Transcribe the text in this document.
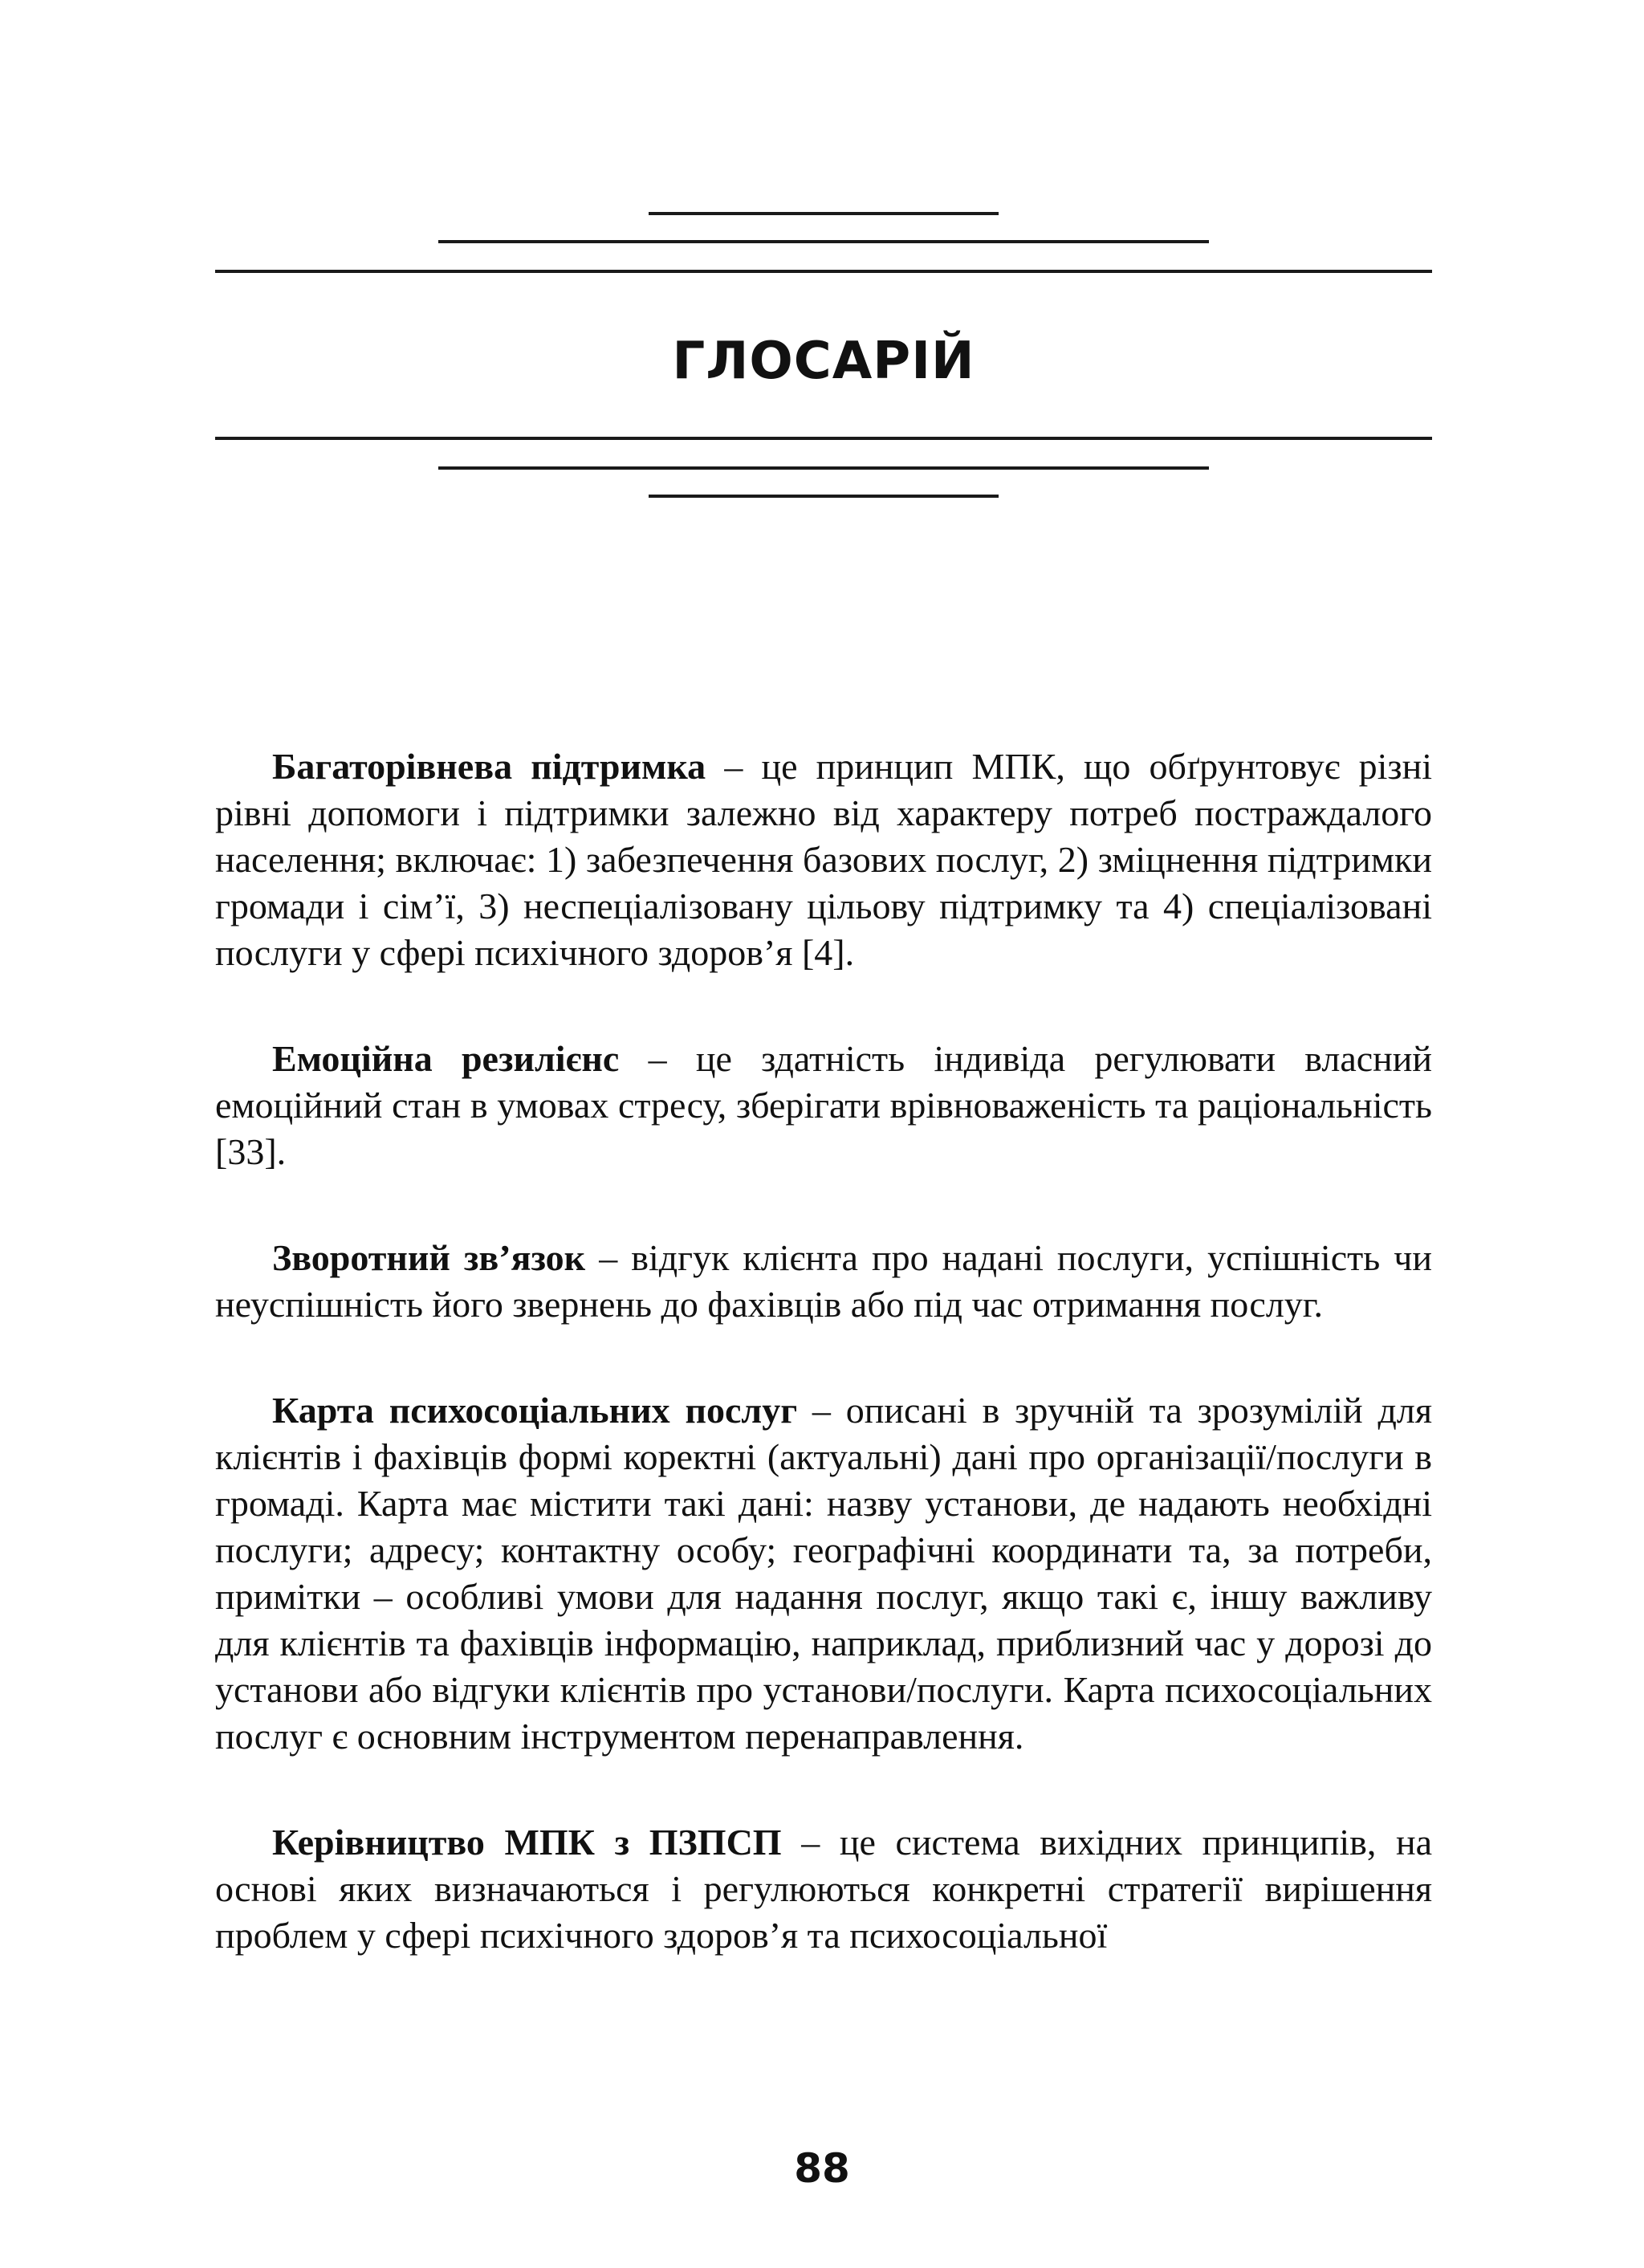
ГЛОСАРІЙ

Багаторівнева підтримка – це принцип МПК, що обґрунтовує різні рівні допомоги і підтримки залежно від характеру потреб постраждалого населення; включає: 1) забезпечення базових послуг, 2) зміцнення підтримки громади і сім’ї, 3) неспеціалізовану цільову підтримку та 4) спеціалізовані послуги у сфері психічного здоров’я [4].

Емоційна резилієнс – це здатність індивіда регулювати власний емоційний стан в умовах стресу, зберігати врівноваженість та раціональність [33].

Зворотний зв’язок – відгук клієнта про надані послуги, успішність чи неуспішність його звернень до фахівців або під час отримання послуг.

Карта психосоціальних послуг – описані в зручній та зрозумілій для клієнтів і фахівців формі коректні (актуальні) дані про організації/послуги в громаді. Карта має містити такі дані: назву установи, де надають необхідні послуги; адресу; контактну особу; географічні координати та, за потреби, примітки – особливі умови для надання послуг, якщо такі є, іншу важливу для клієнтів та фахівців інформацію, наприклад, приблизний час у дорозі до установи або відгуки клієнтів про установи/послуги. Карта психосоціальних послуг є основним інструментом перенаправлення.

Керівництво МПК з ПЗПСП – це система вихідних принципів, на основі яких визначаються і регулюються конкретні стратегії вирішення проблем у сфері психічного здоров’я та психосоціальної

88
